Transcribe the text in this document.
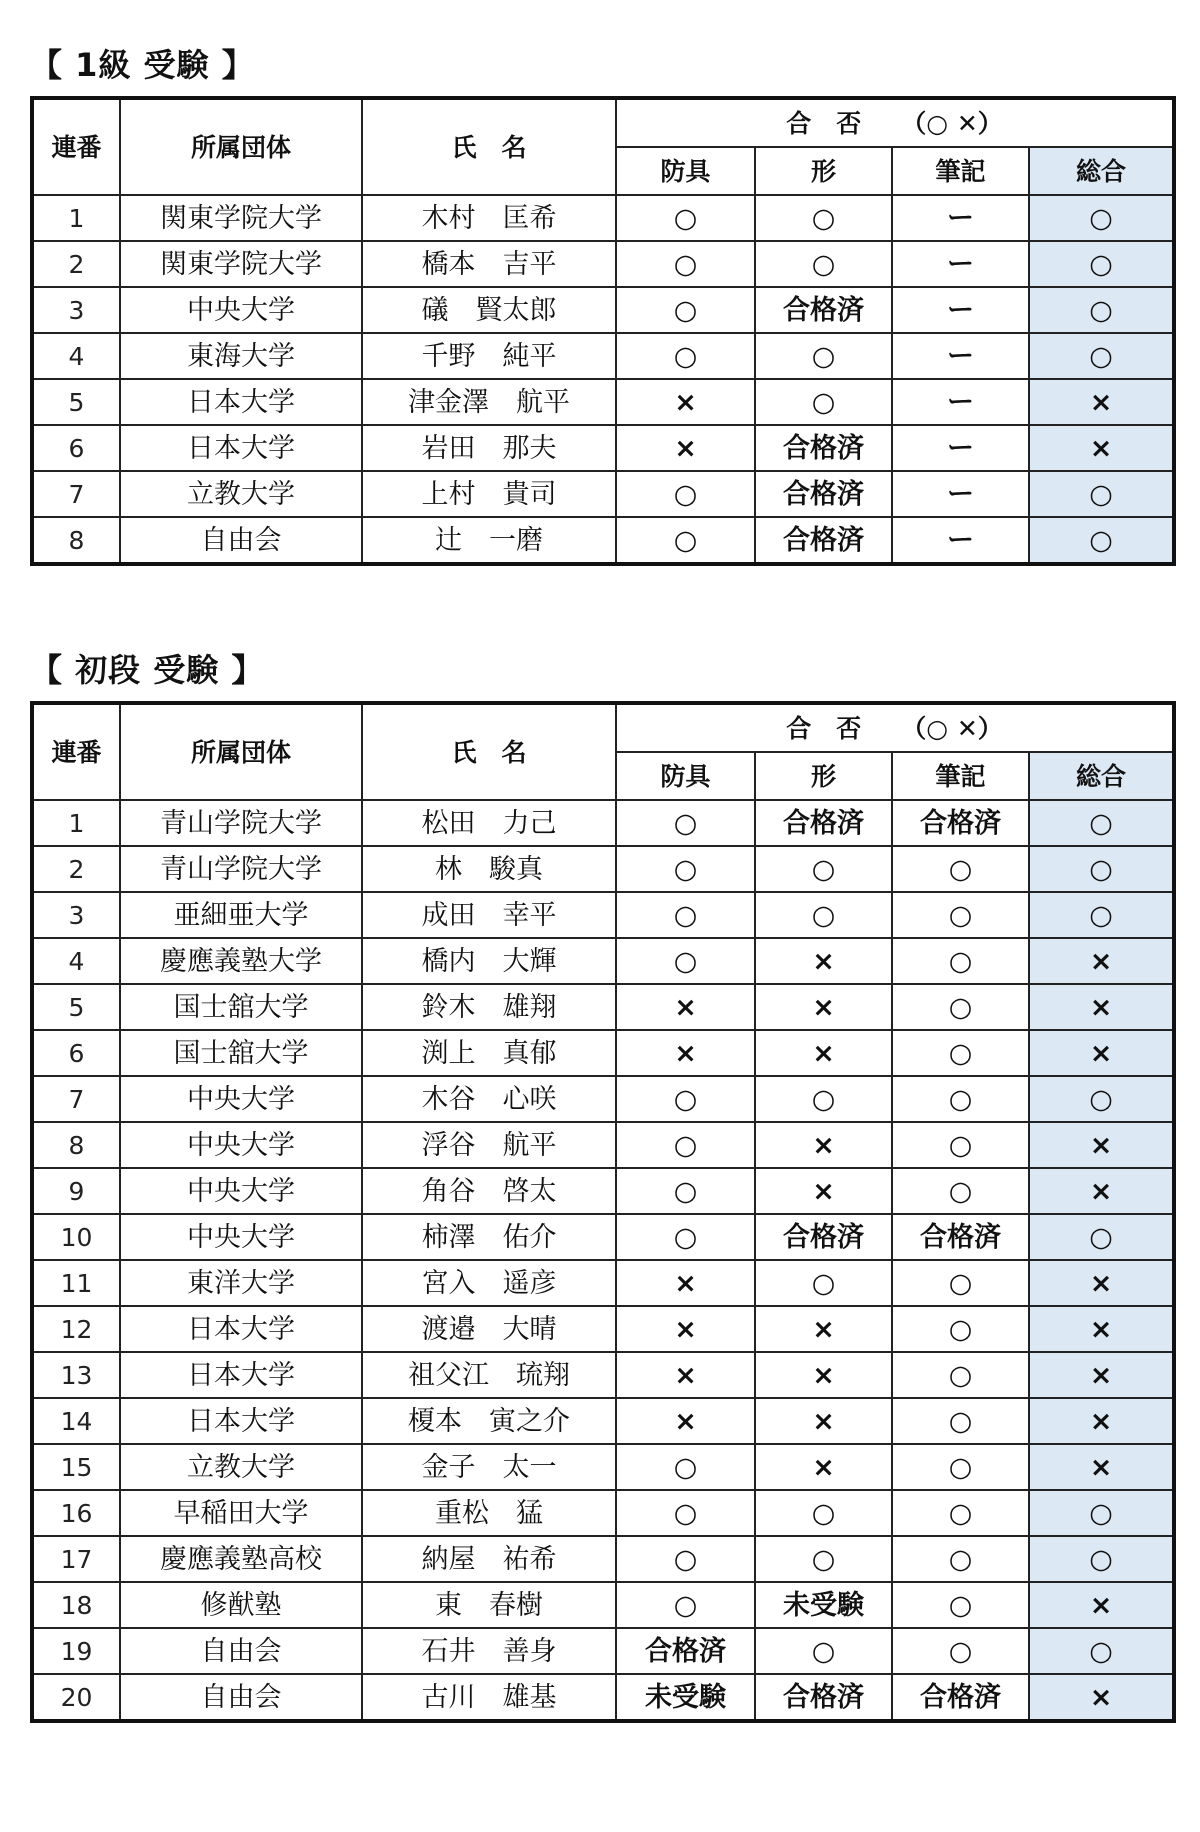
【 1級 受験 】
連番	所属団体	氏　名	合　否 （○ ✕）			
			防具	形	筆記	総合
1	関東学院大学	木村　匡希	○	○	ー	○
2	関東学院大学	橋本　吉平	○	○	ー	○
3	中央大学	礒　賢太郎	○	合格済	ー	○
4	東海大学	千野　純平	○	○	ー	○
5	日本大学	津金澤　航平	×	○	ー	×
6	日本大学	岩田　那夫	×	合格済	ー	×
7	立教大学	上村　貴司	○	合格済	ー	○
8	自由会	辻　一磨	○	合格済	ー	○
【 初段 受験 】
連番	所属団体	氏　名	合　否 （○ ✕）			
			防具	形	筆記	総合
1	青山学院大学	松田　力己	○	合格済	合格済	○
2	青山学院大学	林　駿真	○	○	○	○
3	亜細亜大学	成田　幸平	○	○	○	○
4	慶應義塾大学	橋内　大輝	○	×	○	×
5	国士舘大学	鈴木　雄翔	×	×	○	×
6	国士舘大学	渕上　真郁	×	×	○	×
7	中央大学	木谷　心咲	○	○	○	○
8	中央大学	浮谷　航平	○	×	○	×
9	中央大学	角谷　啓太	○	×	○	×
10	中央大学	柿澤　佑介	○	合格済	合格済	○
11	東洋大学	宮入　遥彦	×	○	○	×
12	日本大学	渡邉　大晴	×	×	○	×
13	日本大学	祖父江　琉翔	×	×	○	×
14	日本大学	榎本　寅之介	×	×	○	×
15	立教大学	金子　太一	○	×	○	×
16	早稲田大学	重松　猛	○	○	○	○
17	慶應義塾高校	納屋　祐希	○	○	○	○
18	修猷塾	東　春樹	○	未受験	○	×
19	自由会	石井　善身	合格済	○	○	○
20	自由会	古川　雄基	未受験	合格済	合格済	×
